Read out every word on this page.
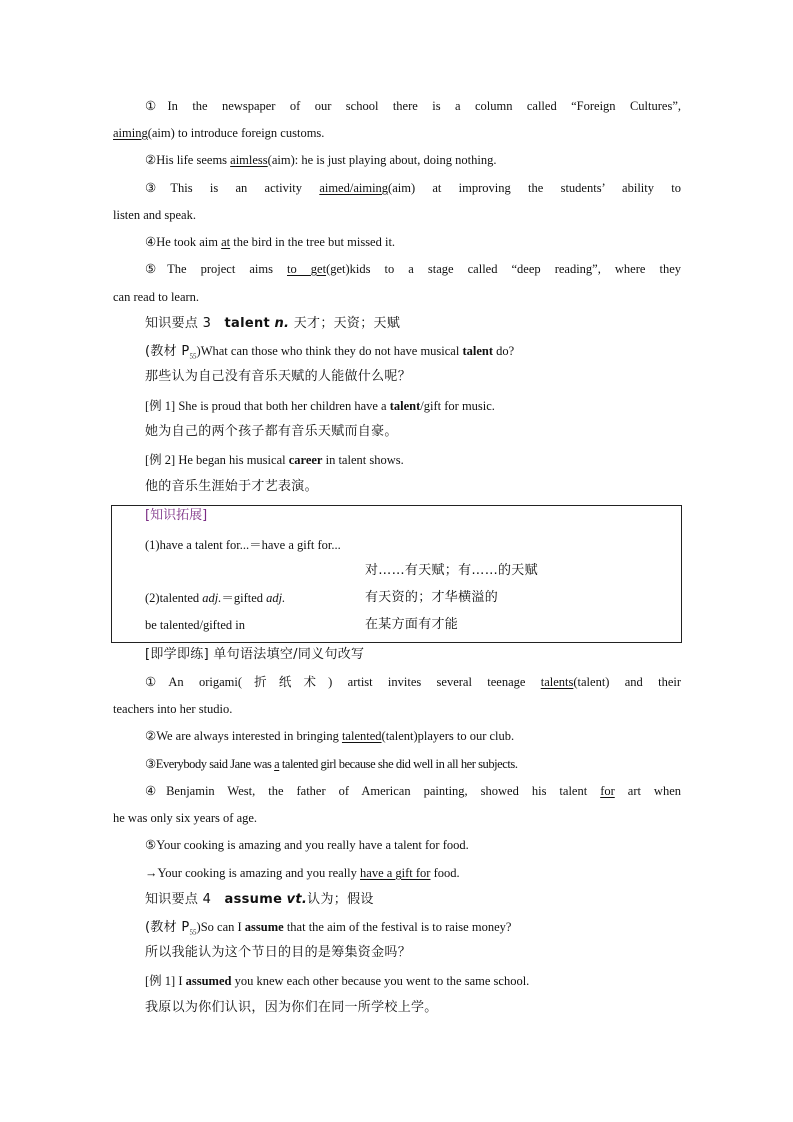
①In the newspaper of our school there is a column called “Foreign Cultures”,
aiming(aim) to introduce foreign customs.
②His life seems aimless(aim): he is just playing about, doing nothing.
③This is an activity aimed/aiming(aim) at improving the students’ ability to
listen and speak.
④He took aim at the bird in the tree but missed it.
⑤The project aims to get(get)kids to a stage called “deep reading”, where they
can read to learn.
知识要点 3 talent n. 天才；天资；天赋
(教材 $P_{55})What$ can those who think they do not have musical talent do?
那些认为自己没有音乐天赋的人能做什么呢？
[例 1] She is proud that both her children have a talent/gift for music.
她为自己的两个孩子都有音乐天赋而自豪。
[例 2] He began his musical career in talent shows.
他的音乐生涯始于才艺表演。
[知识拓展]
(1)have a talent for...＝have a gift for...
对……有天赋；有……的天赋
(2)talented adj.＝gifted adj.	有天资的；才华横溢的
be talented/gifted in	在某方面有才能
[即学即练] 单句语法填空/同义句改写
①An origami(折纸术) artist invites several teenage talents(talent) and their
teachers into her studio.
②We are always interested in bringing talented(talent)players to our club.
③Everybody said Jane was a talented girl because she did well in all her subjects.
④Benjamin West, the father of American painting, showed his talent for art when
he was only six years of age.
⑤Your cooking is amazing and you really have a talent for food.
→Your cooking is amazing and you really have a gift for food.
知识要点 4 assume vt.认为；假设
(教材 $P_{55})So$ can I assume that the aim of the festival is to raise money?
所以我能认为这个节日的目的是筹集资金吗？
[例 1] I assumed you knew each other because you went to the same school.
我原以为你们认识，因为你们在同一所学校上学。
